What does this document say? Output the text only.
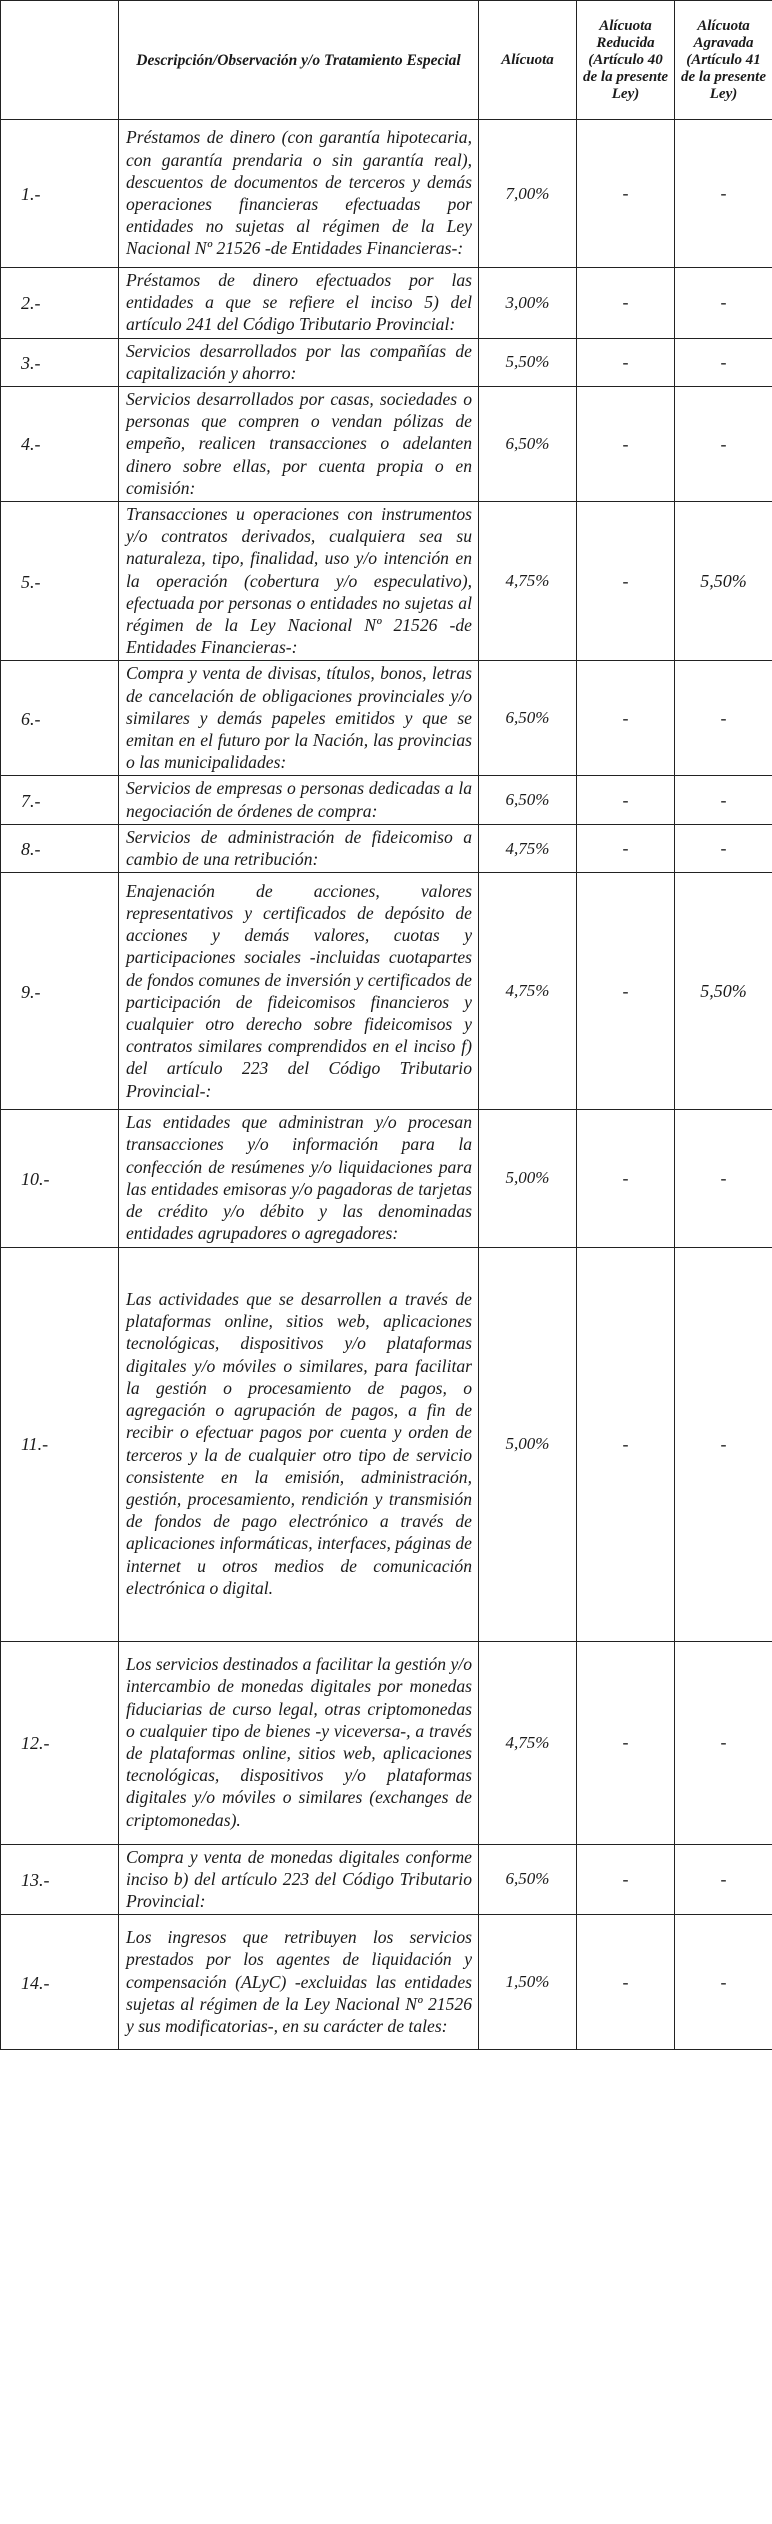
	Descripción/Observación y/o Tratamiento Especial	Alícuota	Alícuota Reducida (Artículo 40 de la presente Ley)	Alícuota Agravada (Artículo 41 de la presente Ley)
1.-	Préstamos de dinero (con garantía hipotecaria, con garantía prendaria o sin garantía real), descuentos de documentos de terceros y demás operaciones financieras efectuadas por entidades no sujetas al régimen de la Ley Nacional Nº 21526 -de Entidades Financieras-:	7,00%	-	-
2.-	Préstamos de dinero efectuados por las entidades a que se refiere el inciso 5) del artículo 241 del Código Tributario Provincial:	3,00%	-	-
3.-	Servicios desarrollados por las compañías de capitalización y ahorro:	5,50%	-	-
4.-	Servicios desarrollados por casas, sociedades o personas que compren o vendan pólizas de empeño, realicen transacciones o adelanten dinero sobre ellas, por cuenta propia o en comisión:	6,50%	-	-
5.-	Transacciones u operaciones con instrumentos y/o contratos derivados, cualquiera sea su naturaleza, tipo, finalidad, uso y/o intención en la operación (cobertura y/o especulativo), efectuada por personas o entidades no sujetas al régimen de la Ley Nacional Nº 21526 -de Entidades Financieras-:	4,75%	-	5,50%
6.-	Compra y venta de divisas, títulos, bonos, letras de cancelación de obligaciones provinciales y/o similares y demás papeles emitidos y que se emitan en el futuro por la Nación, las provincias o las municipalidades:	6,50%	-	-
7.-	Servicios de empresas o personas dedicadas a la negociación de órdenes de compra:	6,50%	-	-
8.-	Servicios de administración de fideicomiso a cambio de una retribución:	4,75%	-	-
9.-	Enajenación de acciones, valores representativos y certificados de depósito de acciones y demás valores, cuotas y participaciones sociales -incluidas cuotapartes de fondos comunes de inversión y certificados de participación de fideicomisos financieros y cualquier otro derecho sobre fideicomisos y contratos similares comprendidos en el inciso f) del artículo 223 del Código Tributario Provincial-:	4,75%	-	5,50%
10.-	Las entidades que administran y/o procesan transacciones y/o información para la confección de resúmenes y/o liquidaciones para las entidades emisoras y/o pagadoras de tarjetas de crédito y/o débito y las denominadas entidades agrupadores o agregadores:	5,00%	-	-
11.-	Las actividades que se desarrollen a través de plataformas online, sitios web, aplicaciones tecnológicas, dispositivos y/o plataformas digitales y/o móviles o similares, para facilitar la gestión o procesamiento de pagos, o agregación o agrupación de pagos, a fin de recibir o efectuar pagos por cuenta y orden de terceros y la de cualquier otro tipo de servicio consistente en la emisión, administración, gestión, procesamiento, rendición y transmisión de fondos de pago electrónico a través de aplicaciones informáticas, interfaces, páginas de internet u otros medios de comunicación electrónica o digital.	5,00%	-	-
12.-	Los servicios destinados a facilitar la gestión y/o intercambio de monedas digitales por monedas fiduciarias de curso legal, otras criptomonedas o cualquier tipo de bienes -y viceversa-, a través de plataformas online, sitios web, aplicaciones tecnológicas, dispositivos y/o plataformas digitales y/o móviles o similares (exchanges de criptomonedas).	4,75%	-	-
13.-	Compra y venta de monedas digitales conforme inciso b) del artículo 223 del Código Tributario Provincial:	6,50%	-	-
14.-	Los ingresos que retribuyen los servicios prestados por los agentes de liquidación y compensación (ALyC) -excluidas las entidades sujetas al régimen de la Ley Nacional Nº 21526 y sus modificatorias-, en su carácter de tales:	1,50%	-	-
